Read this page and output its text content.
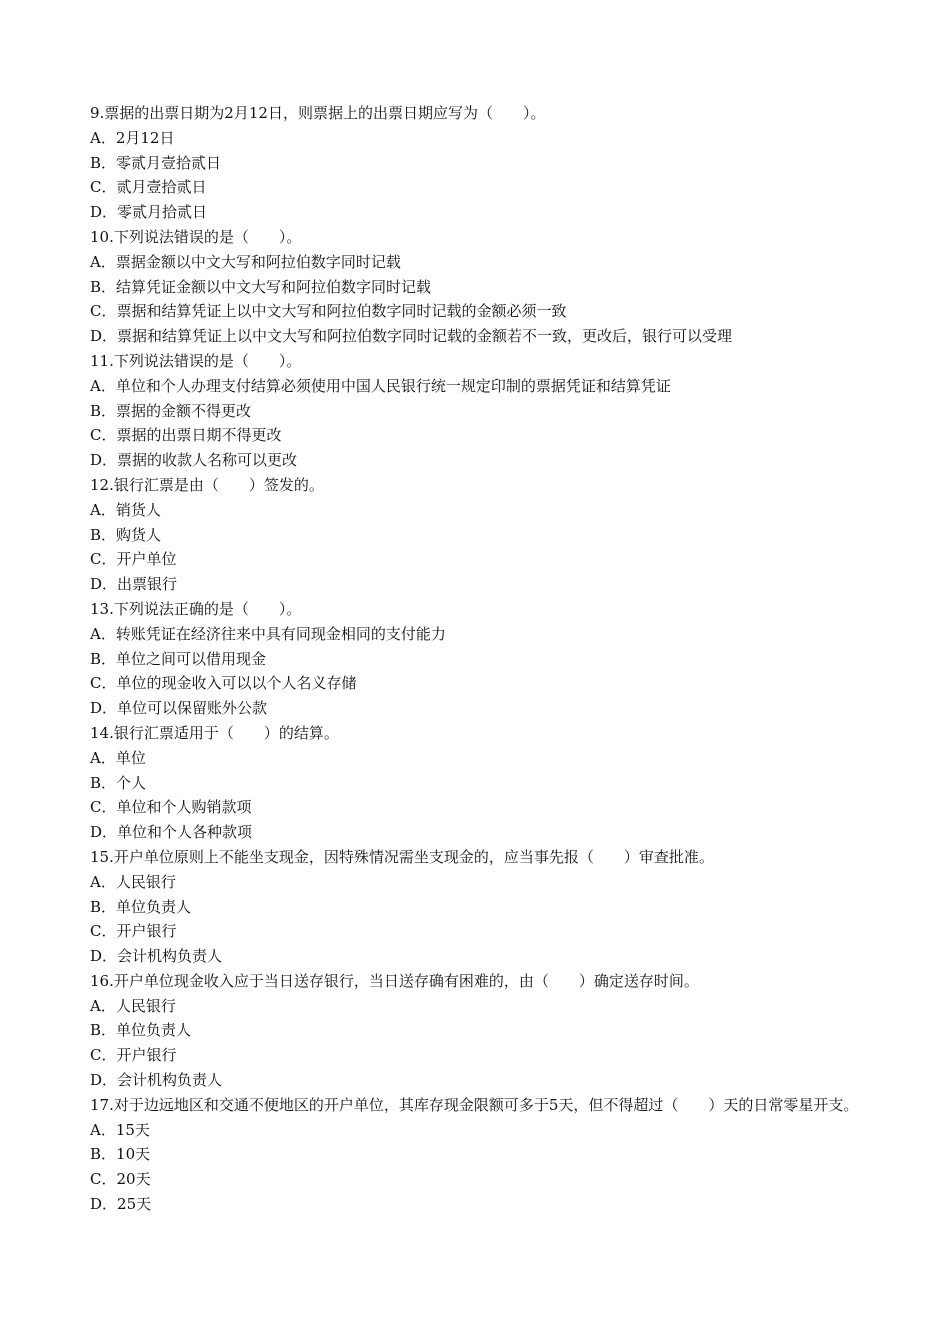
9.票据的出票日期为2月12日，则票据上的出票日期应写为（　　）。

A．2月12日

B．零贰月壹拾贰日

C．贰月壹拾贰日

D．零贰月拾贰日

10.下列说法错误的是（　　）。

A．票据金额以中文大写和阿拉伯数字同时记载

B．结算凭证金额以中文大写和阿拉伯数字同时记载

C．票据和结算凭证上以中文大写和阿拉伯数字同时记载的金额必须一致

D．票据和结算凭证上以中文大写和阿拉伯数字同时记载的金额若不一致，更改后，银行可以受理

11.下列说法错误的是（　　）。

A．单位和个人办理支付结算必须使用中国人民银行统一规定印制的票据凭证和结算凭证

B．票据的金额不得更改

C．票据的出票日期不得更改

D．票据的收款人名称可以更改

12.银行汇票是由（　　）签发的。

A．销货人

B．购货人

C．开户单位

D．出票银行

13.下列说法正确的是（　　）。

A．转账凭证在经济往来中具有同现金相同的支付能力

B．单位之间可以借用现金

C．单位的现金收入可以以个人名义存储

D．单位可以保留账外公款

14.银行汇票适用于（　　）的结算。

A．单位

B．个人

C．单位和个人购销款项

D．单位和个人各种款项

15.开户单位原则上不能坐支现金，因特殊情况需坐支现金的，应当事先报（　　）审查批准。

A．人民银行

B．单位负责人

C．开户银行

D．会计机构负责人

16.开户单位现金收入应于当日送存银行，当日送存确有困难的，由（　　）确定送存时间。

A．人民银行

B．单位负责人

C．开户银行

D．会计机构负责人

17.对于边远地区和交通不便地区的开户单位，其库存现金限额可多于5天，但不得超过（　　）天的日常零星开支。

A．15天

B．10天

C．20天

D．25天
